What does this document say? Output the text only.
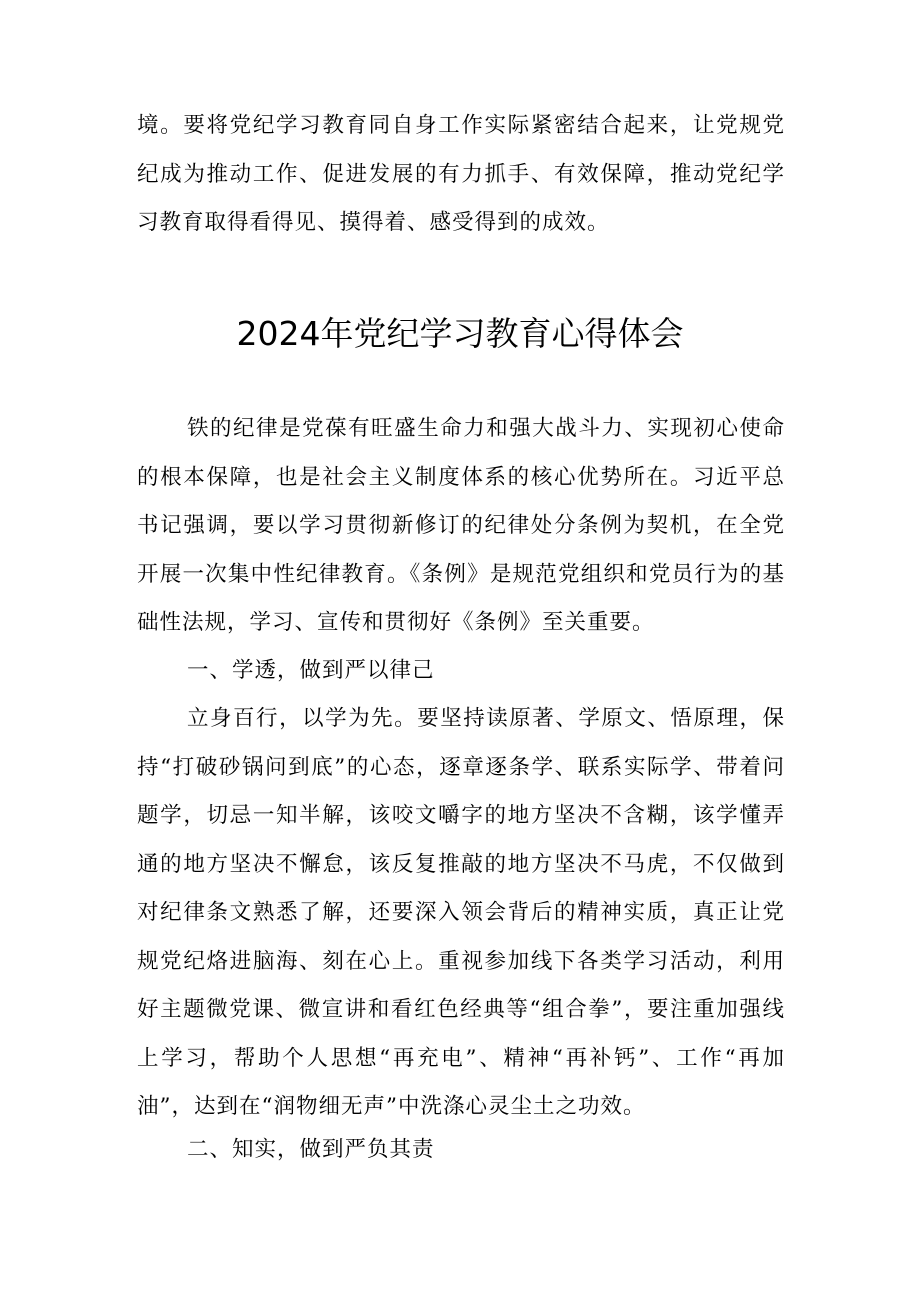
境。要将党纪学习教育同自身工作实际紧密结合起来，让党规党纪成为推动工作、促进发展的有力抓手、有效保障，推动党纪学习教育取得看得见、摸得着、感受得到的成效。

2024年党纪学习教育心得体会

铁的纪律是党葆有旺盛生命力和强大战斗力、实现初心使命的根本保障，也是社会主义制度体系的核心优势所在。习近平总书记强调，要以学习贯彻新修订的纪律处分条例为契机，在全党开展一次集中性纪律教育。《条例》是规范党组织和党员行为的基础性法规，学习、宣传和贯彻好《条例》至关重要。

一、学透，做到严以律己

立身百行，以学为先。要坚持读原著、学原文、悟原理，保持“打破砂锅问到底”的心态，逐章逐条学、联系实际学、带着问题学，切忌一知半解，该咬文嚼字的地方坚决不含糊，该学懂弄通的地方坚决不懈怠，该反复推敲的地方坚决不马虎，不仅做到对纪律条文熟悉了解，还要深入领会背后的精神实质，真正让党规党纪烙进脑海、刻在心上。重视参加线下各类学习活动，利用好主题微党课、微宣讲和看红色经典等“组合拳”，要注重加强线上学习，帮助个人思想“再充电”、精神“再补钙”、工作“再加油”，达到在“润物细无声”中洗涤心灵尘土之功效。

二、知实，做到严负其责
